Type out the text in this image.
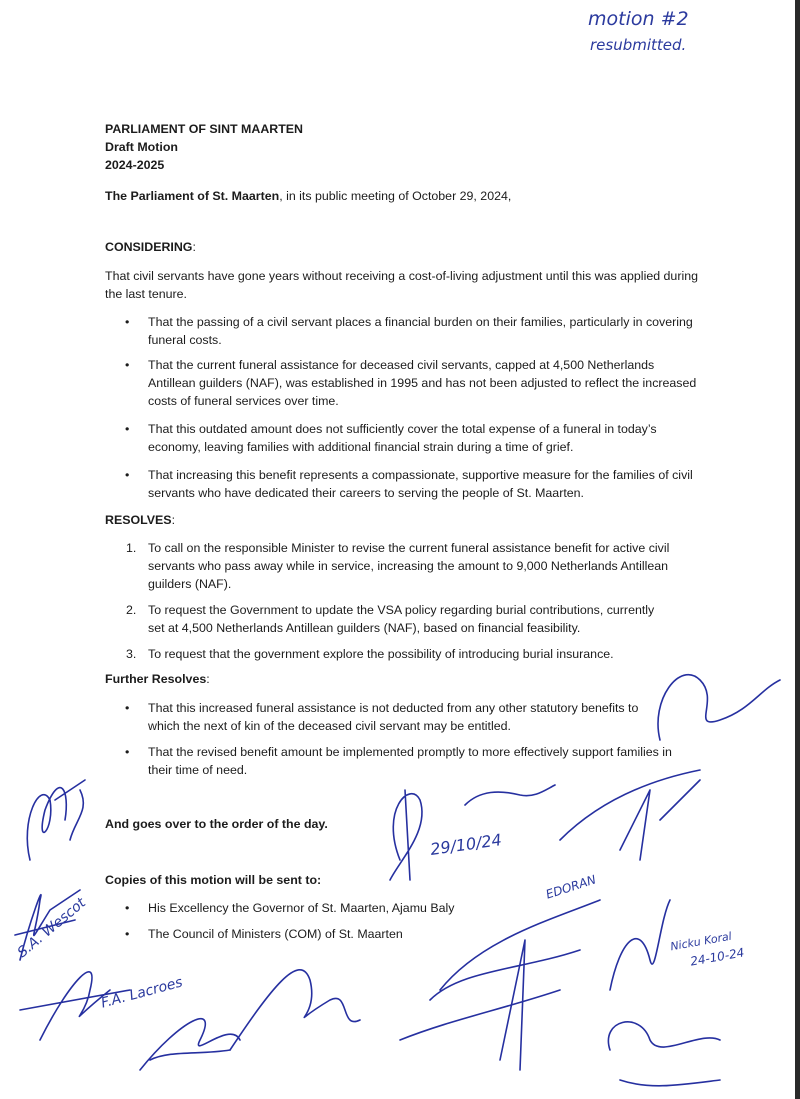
motion #2
resubmitted.
PARLIAMENT OF SINT MAARTEN
Draft Motion
2024-2025
The Parliament of St. Maarten, in its public meeting of October 29, 2024,
CONSIDERING:
That civil servants have gone years without receiving a cost-of-living adjustment until this was applied during the last tenure.
• That the passing of a civil servant places a financial burden on their families, particularly in covering funeral costs.
• That the current funeral assistance for deceased civil servants, capped at 4,500 Netherlands Antillean guilders (NAF), was established in 1995 and has not been adjusted to reflect the increased costs of funeral services over time.
• That this outdated amount does not sufficiently cover the total expense of a funeral in today’s economy, leaving families with additional financial strain during a time of grief.
• That increasing this benefit represents a compassionate, supportive measure for the families of civil servants who have dedicated their careers to serving the people of St. Maarten.
RESOLVES:
1. To call on the responsible Minister to revise the current funeral assistance benefit for active civil servants who pass away while in service, increasing the amount to 9,000 Netherlands Antillean guilders (NAF).
2. To request the Government to update the VSA policy regarding burial contributions, currently set at 4,500 Netherlands Antillean guilders (NAF), based on financial feasibility.
3. To request that the government explore the possibility of introducing burial insurance.
Further Resolves:
• That this increased funeral assistance is not deducted from any other statutory benefits to which the next of kin of the deceased civil servant may be entitled.
• That the revised benefit amount be implemented promptly to more effectively support families in their time of need.
And goes over to the order of the day.
Copies of this motion will be sent to:
• His Excellency the Governor of St. Maarten, Ajamu Baly
• The Council of Ministers (COM) of St. Maarten
29/10/24
EDORAN
Nicku Koral
24-10-24
F.A. Lacroes
S.A. Wescot
